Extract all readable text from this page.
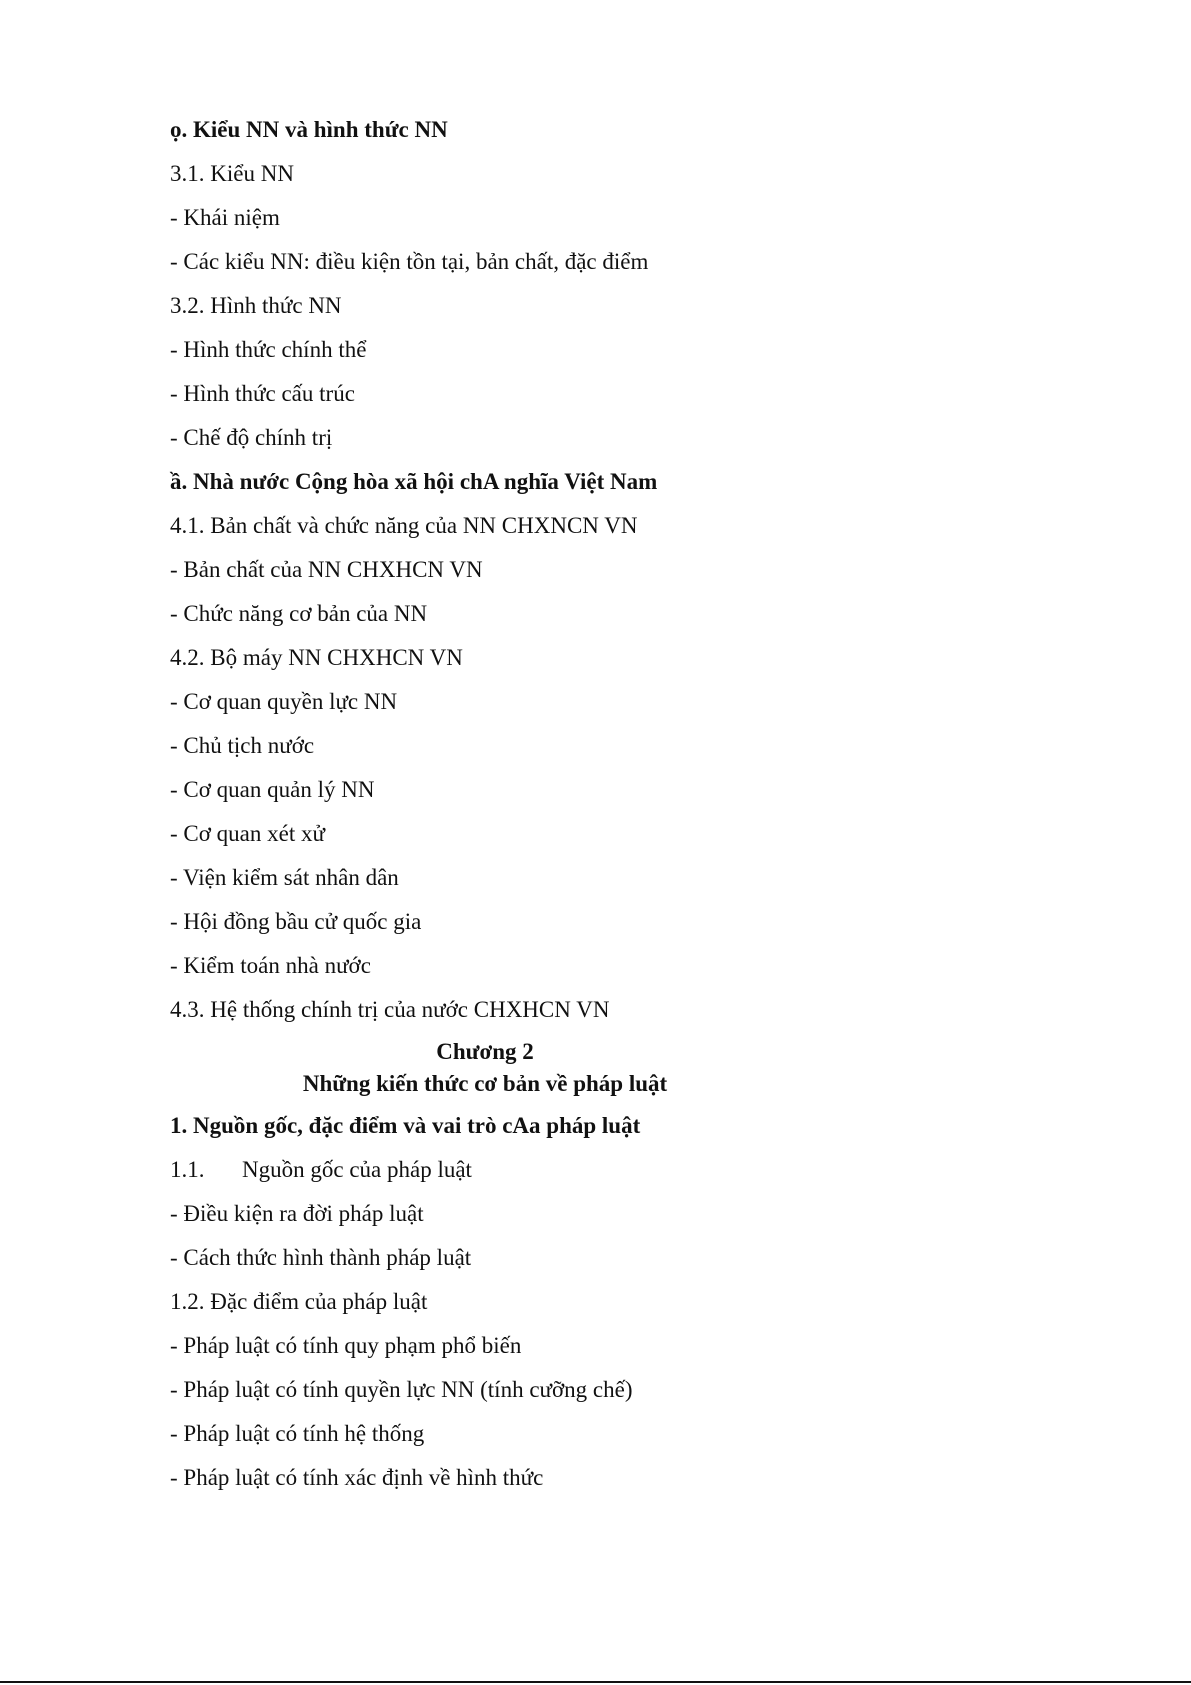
ọ. Kiểu NN và hình thức NN
3.1. Kiểu NN
- Khái niệm
- Các kiểu NN: điều kiện tồn tại, bản chất, đặc điểm
3.2. Hình thức NN
- Hình thức chính thể
- Hình thức cấu trúc
- Chế độ chính trị
ầ. Nhà nước Cộng hòa xã hội chA nghĩa Việt Nam
4.1. Bản chất và chức năng của NN CHXNCN VN
- Bản chất của NN CHXHCN VN
- Chức năng cơ bản của NN
4.2. Bộ máy NN CHXHCN VN
- Cơ quan quyền lực NN
- Chủ tịch nước
- Cơ quan quản lý NN
- Cơ quan xét xử
- Viện kiểm sát nhân dân
- Hội đồng bầu cử quốc gia
- Kiểm toán nhà nước
4.3. Hệ thống chính trị của nước CHXHCN VN
Chương 2
Những kiến thức cơ bản về pháp luật
1. Nguồn gốc, đặc điểm và vai trò cAa pháp luật
1.1. Nguồn gốc của pháp luật
- Điều kiện ra đời pháp luật
- Cách thức hình thành pháp luật
1.2. Đặc điểm của pháp luật
- Pháp luật có tính quy phạm phổ biến
- Pháp luật có tính quyền lực NN (tính cưỡng chế)
- Pháp luật có tính hệ thống
- Pháp luật có tính xác định về hình thức
